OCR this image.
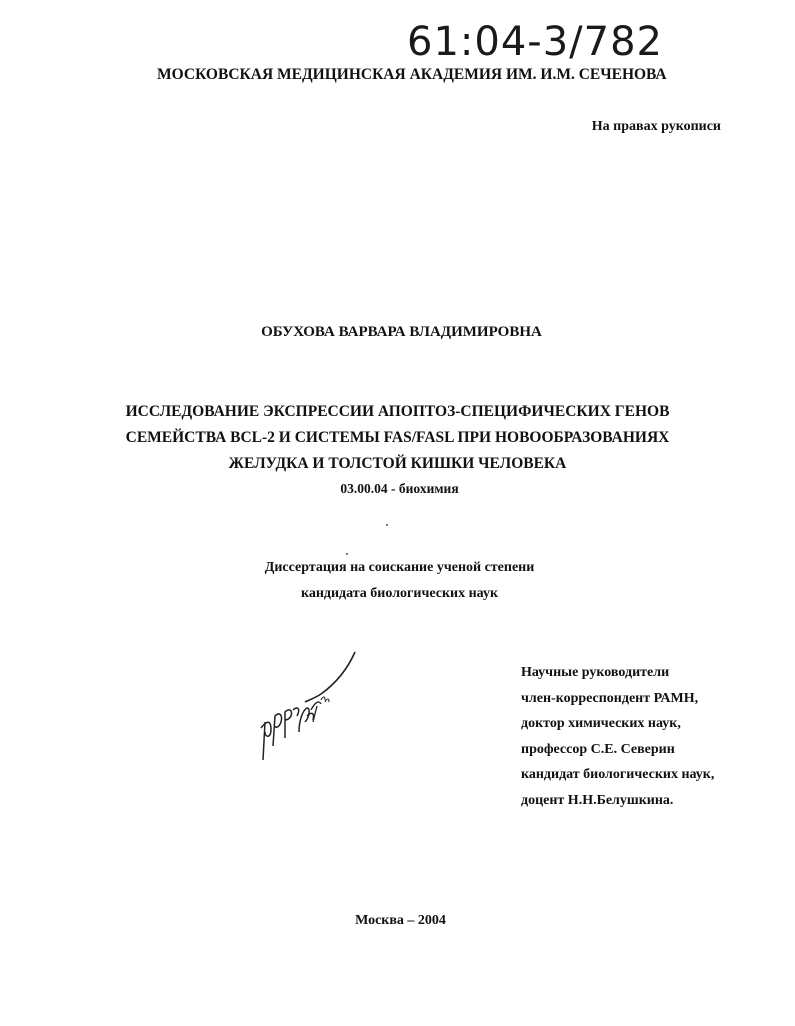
61:04-3/782
МОСКОВСКАЯ МЕДИЦИНСКАЯ АКАДЕМИЯ ИМ. И.М. СЕЧЕНОВА
На правах рукописи
ОБУХОВА ВАРВАРА ВЛАДИМИРОВНА
ИССЛЕДОВАНИЕ ЭКСПРЕССИИ АПОПТОЗ-СПЕЦИФИЧЕСКИХ ГЕНОВ
СЕМЕЙСТВА BCL-2 И СИСТЕМЫ FAS/FASL ПРИ НОВООБРАЗОВАНИЯХ
ЖЕЛУДКА И ТОЛСТОЙ КИШКИ ЧЕЛОВЕКА
03.00.04 - биохимия
Диссертация на соискание ученой степени
кандидата биологических наук
Научные руководители
член-корреспондент РАМН,
доктор химических наук,
профессор С.Е. Северин
кандидат биологических наук,
доцент Н.Н.Белушкина.
Москва – 2004
